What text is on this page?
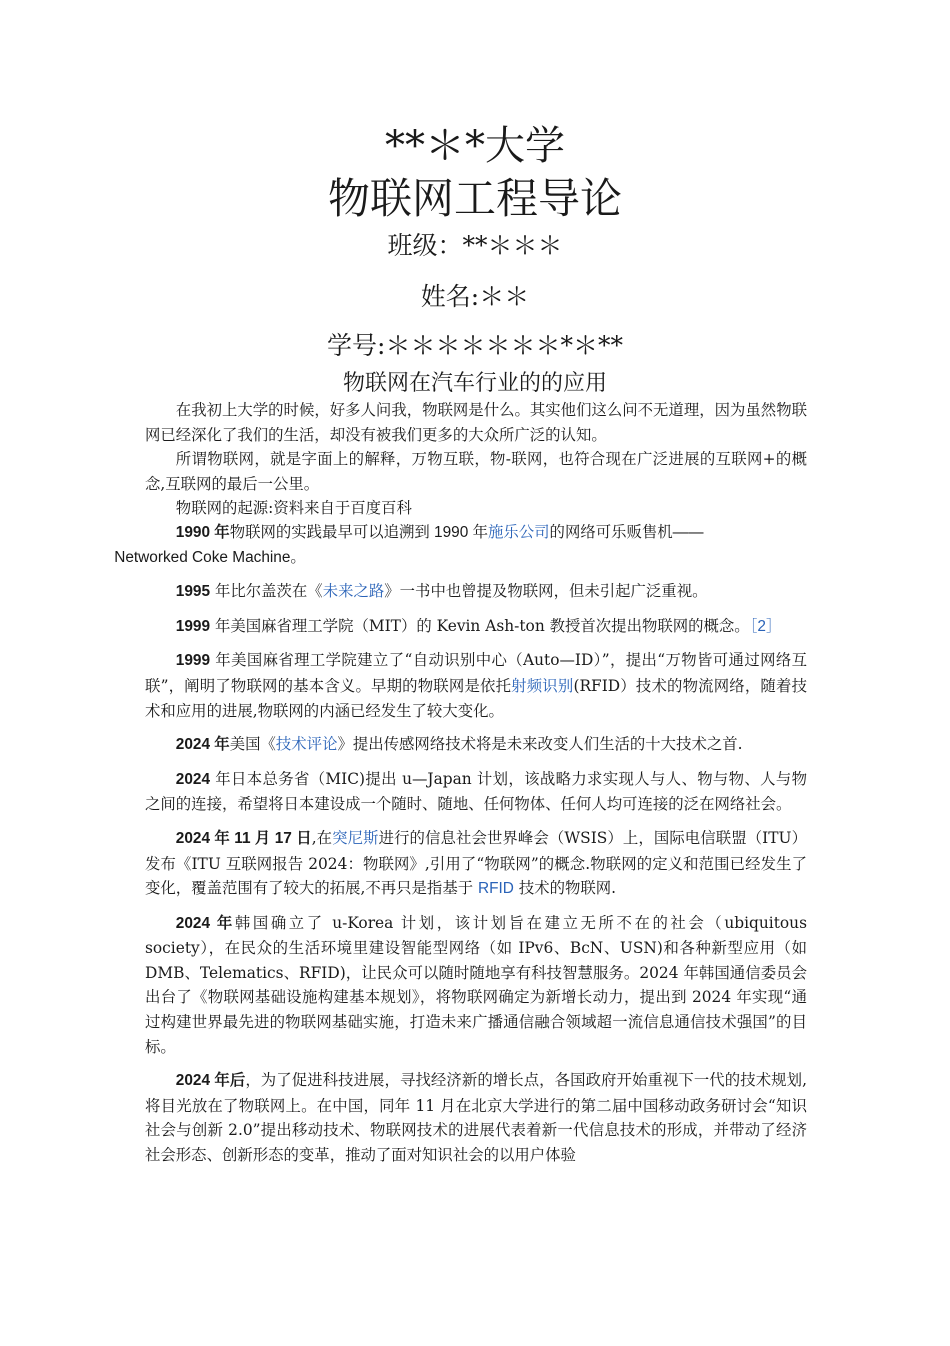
**＊*大学
物联网工程导论
班级：**＊＊＊
姓名:＊＊
学号:＊＊＊＊＊＊＊*＊**
物联网在汽车行业的的应用

在我初上大学的时候，好多人问我，物联网是什么。其实他们这么问不无道理，因为虽然物联网已经深化了我们的生活，却没有被我们更多的大众所广泛的认知。

所谓物联网，就是字面上的解释，万物互联，物-联网，也符合现在广泛进展的互联网+的概念,互联网的最后一公里。

物联网的起源:资料来自于百度百科

1990 年物联网的实践最早可以追溯到 1990 年施乐公司的网络可乐贩售机——
Networked Coke Machine。

1995 年比尔盖茨在《未来之路》一书中也曾提及物联网，但未引起广泛重视。

1999 年美国麻省理工学院（MIT）的 Kevin Ash-ton 教授首次提出物联网的概念。［2］

1999 年美国麻省理工学院建立了“自动识别中心（Auto—ID）”，提出“万物皆可通过网络互联”，阐明了物联网的基本含义。早期的物联网是依托射频识别(RFID）技术的物流网络，随着技术和应用的进展,物联网的内涵已经发生了较大变化。

2024 年美国《技术评论》提出传感网络技术将是未来改变人们生活的十大技术之首.

2024 年日本总务省（MIC)提出 u—Japan 计划，该战略力求实现人与人、物与物、人与物之间的连接，希望将日本建设成一个随时、随地、任何物体、任何人均可连接的泛在网络社会。

2024 年 11 月 17 日,在突尼斯进行的信息社会世界峰会（WSIS）上，国际电信联盟（ITU）发布《ITU 互联网报告 2024：物联网》,引用了“物联网”的概念.物联网的定义和范围已经发生了变化，覆盖范围有了较大的拓展,不再只是指基于 RFID 技术的物联网.

2024 年韩国确立了 u-Korea 计划，该计划旨在建立无所不在的社会（ubiquitous society），在民众的生活环境里建设智能型网络（如 IPv6、BcN、USN)和各种新型应用（如 DMB、Telematics、RFID)，让民众可以随时随地享有科技智慧服务。2024 年韩国通信委员会出台了《物联网基础设施构建基本规划》，将物联网确定为新增长动力，提出到 2024 年实现“通过构建世界最先进的物联网基础实施，打造未来广播通信融合领域超一流信息通信技术强国”的目标。

2024 年后，为了促进科技进展，寻找经济新的增长点，各国政府开始重视下一代的技术规划,将目光放在了物联网上。在中国，同年 11 月在北京大学进行的第二届中国移动政务研讨会“知识社会与创新 2.0”提出移动技术、物联网技术的进展代表着新一代信息技术的形成，并带动了经济社会形态、创新形态的变革，推动了面对知识社会的以用户体验
